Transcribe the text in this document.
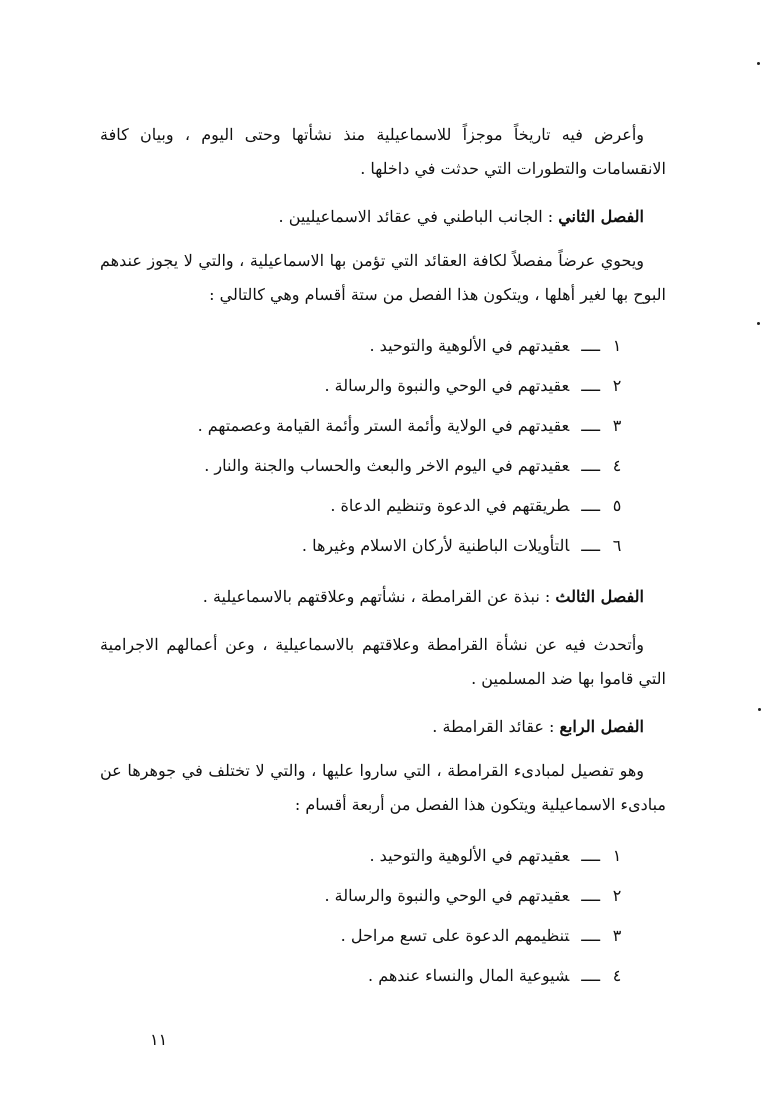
وأعرض فيه تاريخاً موجزاً للاسماعيلية منذ نشأتها وحتى اليوم ، وبيان كافة الانقسامات والتطورات التي حدثت في داخلها .

الفصل الثاني : الجانب الباطني في عقائد الاسماعيليين .

ويحوي عرضاً مفصلاً لكافة العقائد التي تؤمن بها الاسماعيلية ، والتي لا يجوز عندهم البوح بها لغير أهلها ، ويتكون هذا الفصل من ستة أقسام وهي كالتالي :

١ــــعقيدتهم في الألوهية والتوحيد .
٢ــــعقيدتهم في الوحي والنبوة والرسالة .
٣ــــعقيدتهم في الولاية وأئمة الستر وأئمة القيامة وعصمتهم .
٤ــــعقيدتهم في اليوم الاخر والبعث والحساب والجنة والنار .
٥ــــطريقتهم في الدعوة وتنظيم الدعاة .
٦ــــالتأويلات الباطنية لأركان الاسلام وغيرها .

الفصل الثالث : نبذة عن القرامطة ، نشأتهم وعلاقتهم بالاسماعيلية .

وأتحدث فيه عن نشأة القرامطة وعلاقتهم بالاسماعيلية ، وعن أعمالهم الاجرامية التي قاموا بها ضد المسلمين .

الفصل الرابع : عقائد القرامطة .

وهو تفصيل لمبادىء القرامطة ، التي ساروا عليها ، والتي لا تختلف في جوهرها عن مبادىء الاسماعيلية ويتكون هذا الفصل من أربعة أقسام :

١ــــعقيدتهم في الألوهية والتوحيد .
٢ــــعقيدتهم في الوحي والنبوة والرسالة .
٣ــــتنظيمهم الدعوة على تسع مراحل .
٤ــــشيوعية المال والنساء عندهم .
١١
